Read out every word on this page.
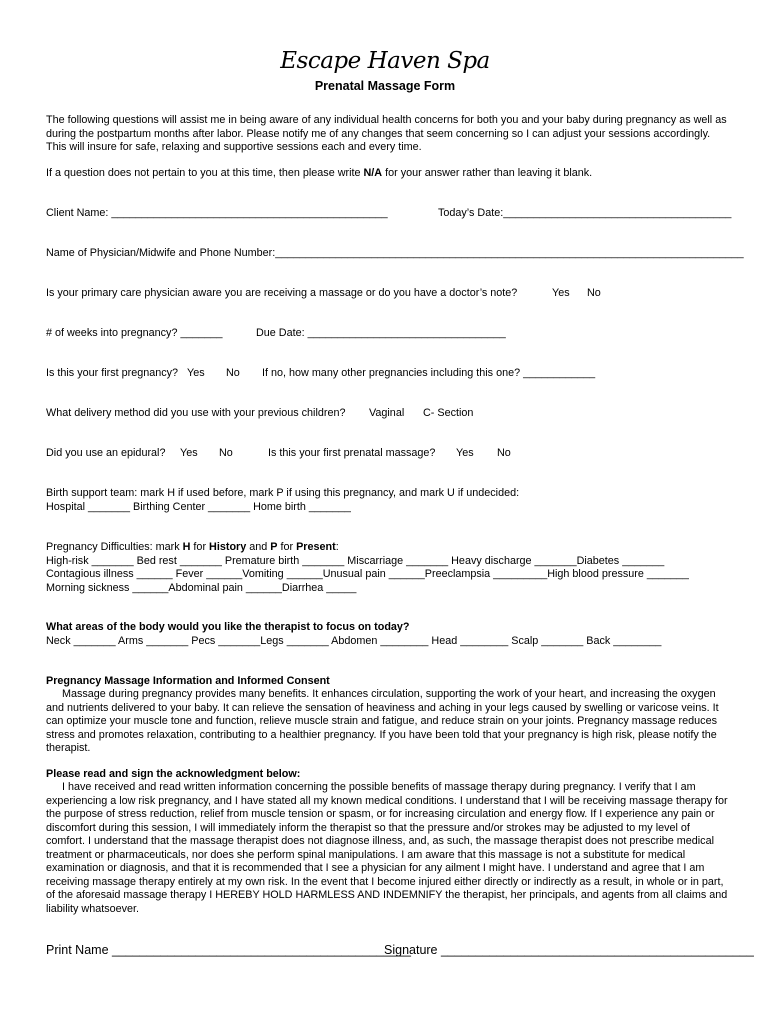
Escape Haven Spa
Prenatal Massage Form

The following questions will assist me in being aware of any individual health concerns for both you and your baby during pregnancy as well as during the postpartum months after labor. Please notify me of any changes that seem concerning so I can adjust your sessions accordingly. This will insure for safe, relaxing and supportive sessions each and every time.

If a question does not pertain to you at this time, then please write N/A for your answer rather than leaving it blank.

Client Name: ______________________________________________	Today’s Date:______________________________________
Name of Physician/Midwife and Phone Number:______________________________________________________________________________
Is your primary care physician aware you are receiving a massage or do you have a doctor’s note?	Yes No
# of weeks into pregnancy? _______	Due Date: _________________________________
Is this your first pregnancy? Yes No If no, how many other pregnancies including this one? ____________
What delivery method did you use with your previous children? Vaginal C- Section
Did you use an epidural? Yes No	Is this your first prenatal massage? Yes No
Birth support team: mark H if used before, mark P if using this pregnancy, and mark U if undecided:
Hospital _______ Birthing Center _______ Home birth _______
Pregnancy Difficulties: mark H for History and P for Present:
High-risk _______ Bed rest _______ Premature birth _______ Miscarriage _______ Heavy discharge _______Diabetes _______
Contagious illness ______ Fever ______Vomiting ______Unusual pain ______Preeclampsia _________High blood pressure _______
Morning sickness ______Abdominal pain ______Diarrhea _____
What areas of the body would you like the therapist to focus on today?
Neck _______ Arms _______ Pecs _______Legs _______ Abdomen ________ Head ________ Scalp _______ Back ________
Pregnancy Massage Information and Informed Consent

Massage during pregnancy provides many benefits. It enhances circulation, supporting the work of your heart, and increasing the oxygen and nutrients delivered to your baby. It can relieve the sensation of heaviness and aching in your legs caused by swelling or varicose veins. It can optimize your muscle tone and function, relieve muscle strain and fatigue, and reduce strain on your joints. Pregnancy massage reduces stress and promotes relaxation, contributing to a healthier pregnancy. If you have been told that your pregnancy is high risk, please notify the therapist.

Please read and sign the acknowledgment below:

I have received and read written information concerning the possible benefits of massage therapy during pregnancy. I verify that I am experiencing a low risk pregnancy, and I have stated all my known medical conditions. I understand that I will be receiving massage therapy for the purpose of stress reduction, relief from muscle tension or spasm, or for increasing circulation and energy flow. If I experience any pain or discomfort during this session, I will immediately inform the therapist so that the pressure and/or strokes may be adjusted to my level of comfort. I understand that the massage therapist does not diagnose illness, and, as such, the massage therapist does not prescribe medical treatment or pharmaceuticals, nor does she perform spinal manipulations. I am aware that this massage is not a substitute for medical examination or diagnosis, and that it is recommended that I see a physician for any ailment I might have. I understand and agree that I am receiving massage therapy entirely at my own risk. In the event that I become injured either directly or indirectly as a result, in whole or in part, of the aforesaid massage therapy I HEREBY HOLD HARMLESS AND INDEMNIFY the therapist, her principals, and agents from all claims and liability whatsoever.

Print Name ___________________________________________
Signature _____________________________________________
